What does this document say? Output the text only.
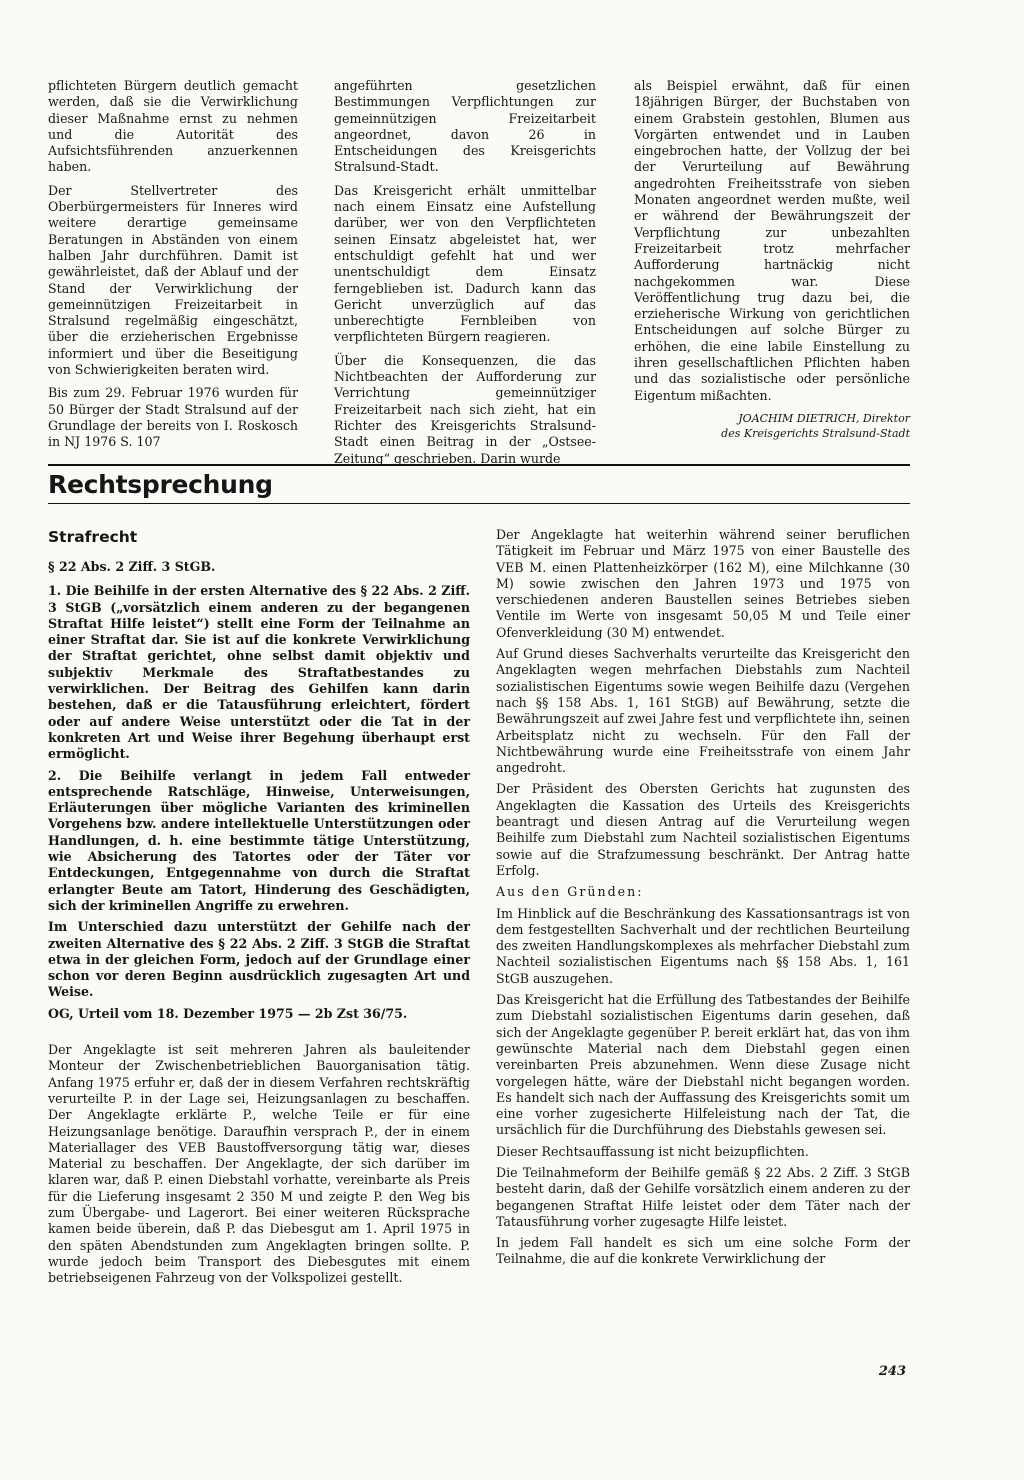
pflichteten Bürgern deutlich gemacht werden, daß sie die Verwirklichung dieser Maßnahme ernst zu nehmen und die Autorität des Aufsichtsführenden anzuerkennen haben.

Der Stellvertreter des Oberbürgermeisters für Inneres wird weitere derartige gemeinsame Beratungen in Abständen von einem halben Jahr durchführen. Damit ist gewährleistet, daß der Ablauf und der Stand der Verwirklichung der gemeinnützigen Freizeitarbeit in Stralsund regelmäßig eingeschätzt, über die erzieherischen Ergebnisse informiert und über die Beseitigung von Schwierigkeiten beraten wird.

Bis zum 29. Februar 1976 wurden für 50 Bürger der Stadt Stralsund auf der Grundlage der bereits von I. Roskosch in NJ 1976 S. 107

angeführten gesetzlichen Bestimmungen Verpflichtungen zur gemeinnützigen Freizeitarbeit angeordnet, davon 26 in Entscheidungen des Kreisgerichts Stralsund-Stadt.

Das Kreisgericht erhält unmittelbar nach einem Einsatz eine Aufstellung darüber, wer von den Verpflichteten seinen Einsatz abgeleistet hat, wer entschuldigt gefehlt hat und wer unentschuldigt dem Einsatz ferngeblieben ist. Dadurch kann das Gericht unverzüglich auf das unberechtigte Fernbleiben von verpflichteten Bürgern reagieren.

Über die Konsequenzen, die das Nichtbeachten der Aufforderung zur Verrichtung gemeinnütziger Freizeitarbeit nach sich zieht, hat ein Richter des Kreisgerichts Stralsund-Stadt einen Beitrag in der „Ostsee-Zeitung“ geschrieben. Darin wurde

als Beispiel erwähnt, daß für einen 18jährigen Bürger, der Buchstaben von einem Grabstein gestohlen, Blumen aus Vorgärten entwendet und in Lauben eingebrochen hatte, der Vollzug der bei der Verurteilung auf Bewährung angedrohten Freiheitsstrafe von sieben Monaten angeordnet werden mußte, weil er während der Bewährungszeit der Verpflichtung zur unbezahlten Freizeitarbeit trotz mehrfacher Aufforderung hartnäckig nicht nachgekommen war. Diese Veröffentlichung trug dazu bei, die erzieherische Wirkung von gerichtlichen Entscheidungen auf solche Bürger zu erhöhen, die eine labile Einstellung zu ihren gesellschaftlichen Pflichten haben und das sozialistische oder persönliche Eigentum mißachten.

JOACHIM DIETRICH, Direktor
des Kreisgerichts Stralsund-Stadt
Rechtsprechung
Strafrecht

§ 22 Abs. 2 Ziff. 3 StGB.

1. Die Beihilfe in der ersten Alternative des § 22 Abs. 2 Ziff. 3 StGB („vorsätzlich einem anderen zu der begangenen Straftat Hilfe leistet“) stellt eine Form der Teilnahme an einer Straftat dar. Sie ist auf die konkrete Verwirklichung der Straftat gerichtet, ohne selbst damit objektiv und subjektiv Merkmale des Straftatbestandes zu verwirklichen. Der Beitrag des Gehilfen kann darin bestehen, daß er die Tatausführung erleichtert, fördert oder auf andere Weise unterstützt oder die Tat in der konkreten Art und Weise ihrer Begehung überhaupt erst ermöglicht.

2. Die Beihilfe verlangt in jedem Fall entweder entsprechende Ratschläge, Hinweise, Unterweisungen, Erläuterungen über mögliche Varianten des kriminellen Vorgehens bzw. andere intellektuelle Unterstützungen oder Handlungen, d. h. eine bestimmte tätige Unterstützung, wie Absicherung des Tatortes oder der Täter vor Entdeckungen, Entgegennahme von durch die Straftat erlangter Beute am Tatort, Hinderung des Geschädigten, sich der kriminellen Angriffe zu erwehren.

Im Unterschied dazu unterstützt der Gehilfe nach der zweiten Alternative des § 22 Abs. 2 Ziff. 3 StGB die Straftat etwa in der gleichen Form, jedoch auf der Grundlage einer schon vor deren Beginn ausdrücklich zugesagten Art und Weise.

OG, Urteil vom 18. Dezember 1975 — 2b Zst 36/75.

Der Angeklagte ist seit mehreren Jahren als bauleitender Monteur der Zwischenbetrieblichen Bauorganisation tätig. Anfang 1975 erfuhr er, daß der in diesem Verfahren rechtskräftig verurteilte P. in der Lage sei, Heizungsanlagen zu beschaffen. Der Angeklagte erklärte P., welche Teile er für eine Heizungsanlage benötige. Daraufhin versprach P., der in einem Materiallager des VEB Baustoffversorgung tätig war, dieses Material zu beschaffen. Der Angeklagte, der sich darüber im klaren war, daß P. einen Diebstahl vorhatte, vereinbarte als Preis für die Lieferung insgesamt 2 350 M und zeigte P. den Weg bis zum Übergabe- und Lagerort. Bei einer weiteren Rücksprache kamen beide überein, daß P. das Diebesgut am 1. April 1975 in den späten Abendstunden zum Angeklagten bringen sollte. P. wurde jedoch beim Transport des Diebesgutes mit einem betriebseigenen Fahrzeug von der Volkspolizei gestellt.

Der Angeklagte hat weiterhin während seiner beruflichen Tätigkeit im Februar und März 1975 von einer Baustelle des VEB M. einen Plattenheizkörper (162 M), eine Milchkanne (30 M) sowie zwischen den Jahren 1973 und 1975 von verschiedenen anderen Baustellen seines Betriebes sieben Ventile im Werte von insgesamt 50,05 M und Teile einer Ofenverkleidung (30 M) entwendet.

Auf Grund dieses Sachverhalts verurteilte das Kreisgericht den Angeklagten wegen mehrfachen Diebstahls zum Nachteil sozialistischen Eigentums sowie wegen Beihilfe dazu (Vergehen nach §§ 158 Abs. 1, 161 StGB) auf Bewährung, setzte die Bewährungszeit auf zwei Jahre fest und verpflichtete ihn, seinen Arbeitsplatz nicht zu wechseln. Für den Fall der Nichtbewährung wurde eine Freiheitsstrafe von einem Jahr angedroht.

Der Präsident des Obersten Gerichts hat zugunsten des Angeklagten die Kassation des Urteils des Kreisgerichts beantragt und diesen Antrag auf die Verurteilung wegen Beihilfe zum Diebstahl zum Nachteil sozialistischen Eigentums sowie auf die Strafzumessung beschränkt. Der Antrag hatte Erfolg.

Aus den Gründen:

Im Hinblick auf die Beschränkung des Kassationsantrags ist von dem festgestellten Sachverhalt und der rechtlichen Beurteilung des zweiten Handlungskomplexes als mehrfacher Diebstahl zum Nachteil sozialistischen Eigentums nach §§ 158 Abs. 1, 161 StGB auszugehen.

Das Kreisgericht hat die Erfüllung des Tatbestandes der Beihilfe zum Diebstahl sozialistischen Eigentums darin gesehen, daß sich der Angeklagte gegenüber P. bereit erklärt hat, das von ihm gewünschte Material nach dem Diebstahl gegen einen vereinbarten Preis abzunehmen. Wenn diese Zusage nicht vorgelegen hätte, wäre der Diebstahl nicht begangen worden. Es handelt sich nach der Auffassung des Kreisgerichts somit um eine vorher zugesicherte Hilfeleistung nach der Tat, die ursächlich für die Durchführung des Diebstahls gewesen sei.

Dieser Rechtsauffassung ist nicht beizupflichten.

Die Teilnahmeform der Beihilfe gemäß § 22 Abs. 2 Ziff. 3 StGB besteht darin, daß der Gehilfe vorsätzlich einem anderen zu der begangenen Straftat Hilfe leistet oder dem Täter nach der Tatausführung vorher zugesagte Hilfe leistet.

In jedem Fall handelt es sich um eine solche Form der Teilnahme, die auf die konkrete Verwirklichung der

243
